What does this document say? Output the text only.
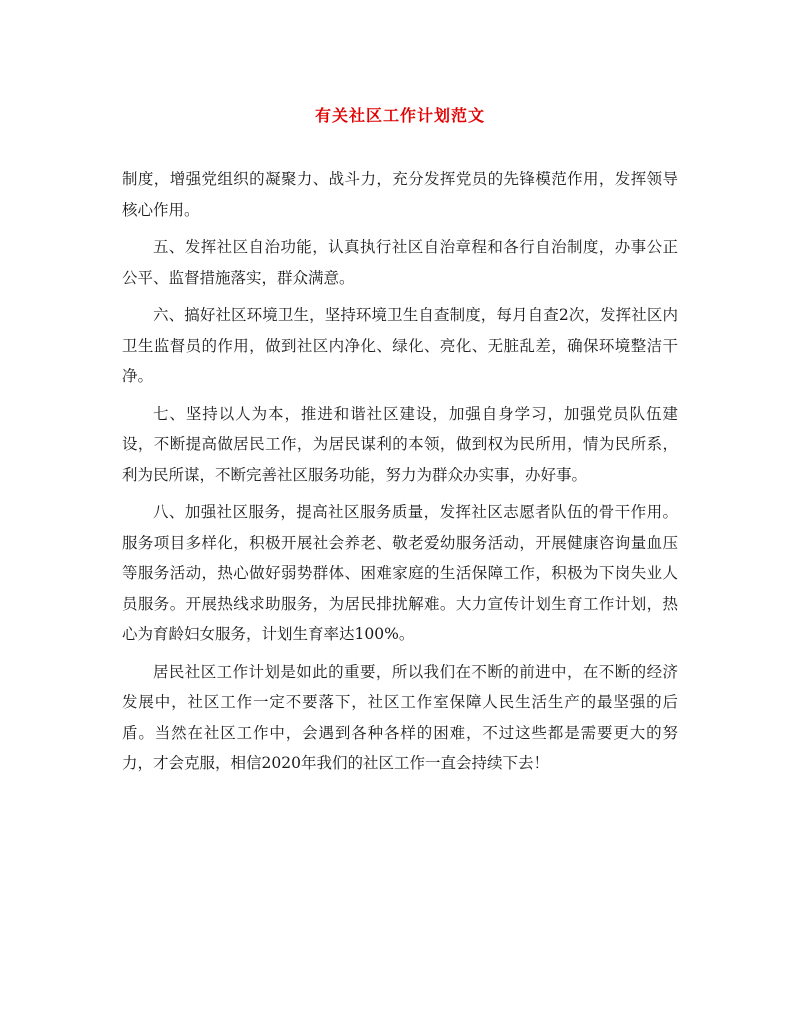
有关社区工作计划范文

制度，增强党组织的凝聚力、战斗力，充分发挥党员的先锋模范作用，发挥领导核心作用。

五、发挥社区自治功能，认真执行社区自治章程和各行自治制度，办事公正公平、监督措施落实，群众满意。

六、搞好社区环境卫生，坚持环境卫生自查制度，每月自查2次，发挥社区内卫生监督员的作用，做到社区内净化、绿化、亮化、无脏乱差，确保环境整洁干净。

七、坚持以人为本，推进和谐社区建设，加强自身学习，加强党员队伍建设，不断提高做居民工作，为居民谋利的本领，做到权为民所用，情为民所系，利为民所谋，不断完善社区服务功能，努力为群众办实事，办好事。

八、加强社区服务，提高社区服务质量，发挥社区志愿者队伍的骨干作用。服务项目多样化，积极开展社会养老、敬老爱幼服务活动，开展健康咨询量血压等服务活动，热心做好弱势群体、困难家庭的生活保障工作，积极为下岗失业人员服务。开展热线求助服务，为居民排扰解难。大力宣传计划生育工作计划，热心为育龄妇女服务，计划生育率达100%。

居民社区工作计划是如此的重要，所以我们在不断的前进中，在不断的经济发展中，社区工作一定不要落下，社区工作室保障人民生活生产的最坚强的后盾。当然在社区工作中，会遇到各种各样的困难，不过这些都是需要更大的努力，才会克服，相信2020年我们的社区工作一直会持续下去！
